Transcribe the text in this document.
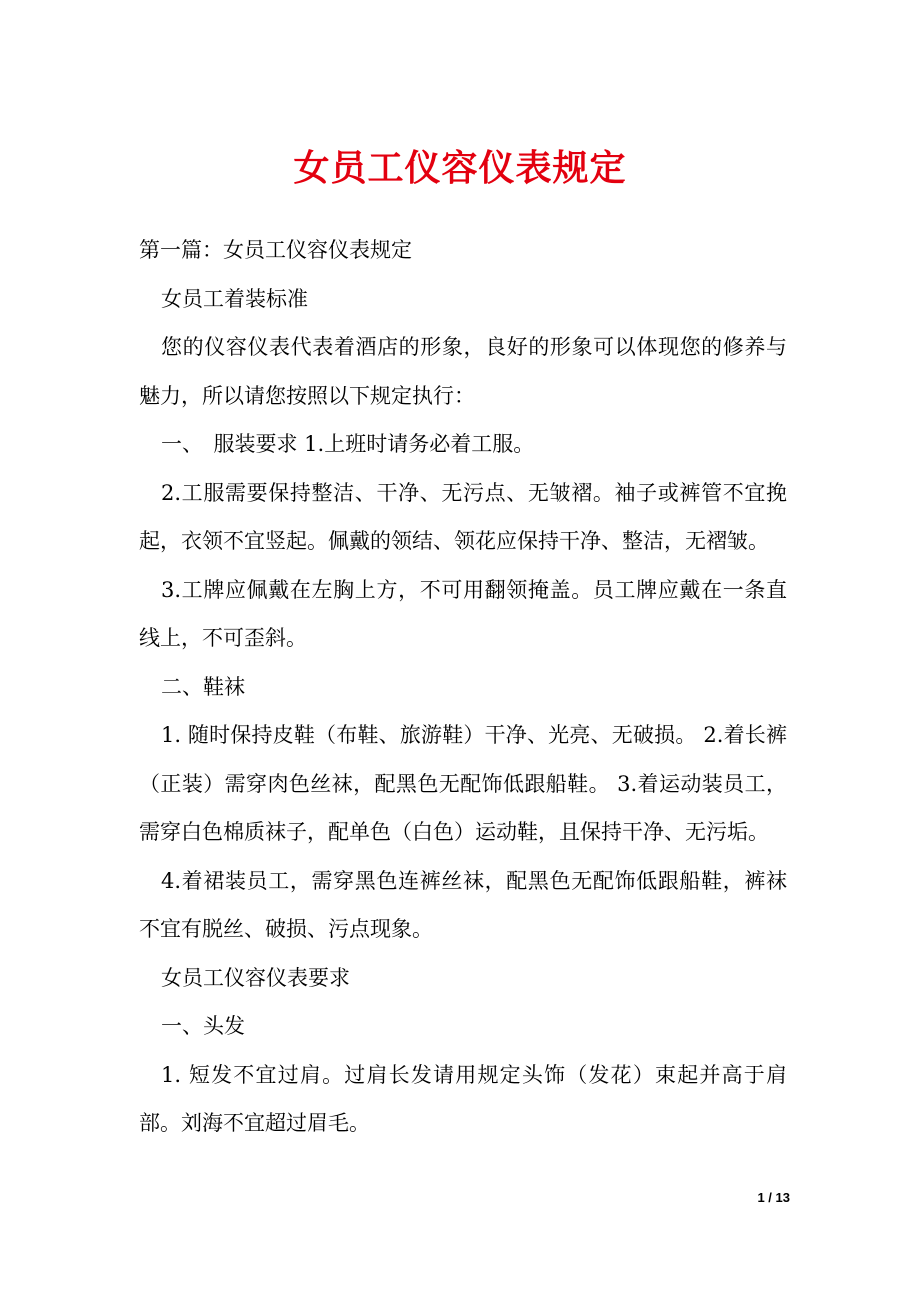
女员工仪容仪表规定

第一篇：女员工仪容仪表规定

女员工着装标准

您的仪容仪表代表着酒店的形象，良好的形象可以体现您的修养与魅力，所以请您按照以下规定执行：

一、　服装要求 1.上班时请务必着工服。

2.工服需要保持整洁、干净、无污点、无皱褶。袖子或裤管不宜挽起，衣领不宜竖起。佩戴的领结、领花应保持干净、整洁，无褶皱。

3.工牌应佩戴在左胸上方，不可用翻领掩盖。员工牌应戴在一条直线上，不可歪斜。

二、鞋袜

1. 随时保持皮鞋（布鞋、旅游鞋）干净、光亮、无破损。 2.着长裤（正装）需穿肉色丝袜，配黑色无配饰低跟船鞋。 3.着运动装员工，需穿白色棉质袜子，配单色（白色）运动鞋，且保持干净、无污垢。

4.着裙装员工，需穿黑色连裤丝袜，配黑色无配饰低跟船鞋，裤袜不宜有脱丝、破损、污点现象。

女员工仪容仪表要求

一、头发

1. 短发不宜过肩。过肩长发请用规定头饰（发花）束起并高于肩部。刘海不宜超过眉毛。

1 / 13
